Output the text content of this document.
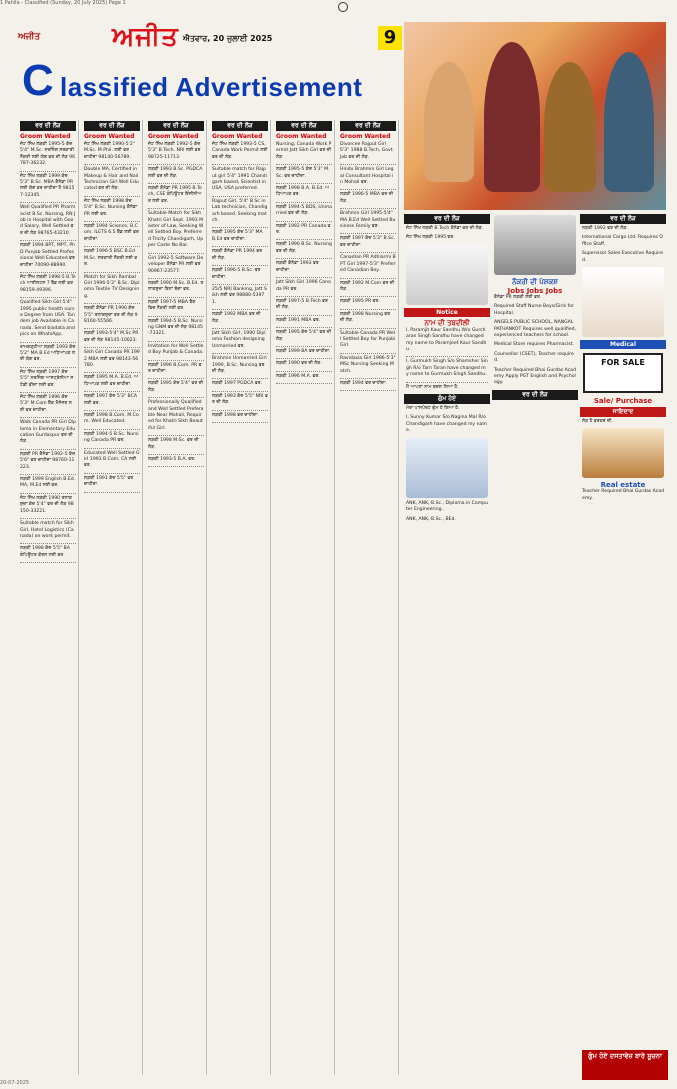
1 Pahila - Classified (Sunday, 20 July 2025) Page 1
ਅਜੀਤ	ਅਜੀਤ ਐਤਵਾਰ, 20 ਜੁਲਾਈ 2025	9
C lassified Advertisement
ਵਰ ਦੀ ਲੋੜ
Groom Wanted
ਜੱਟ ਸਿੱਖ ਲੜਕੀ 1995-5 ਕੱਦ 5'4" M.Sc. ਨਰਸਿੰਗ ਸਰਕਾਰੀ ਨੌਕਰੀ ਲਈ ਯੋਗ ਵਰ ਦੀ ਲੋੜ 96787-36232.
ਜੱਟ ਸਿੱਖ ਲੜਕੀ 1999 ਕੱਦ 5'3" B.Sc. MBA ਕੈਨੇਡਾ PR ਲਈ ਯੋਗ ਵਰ ਚਾਹੀਦਾ ਹੈ 98157-12345.
Well Qualified PR Pharmacist B.Sc. Nursing, RN Job in Hospital with Good Salary, Well Settled ਵਰ ਦੀ ਲੋੜ 98765-43210.
ਲੜਕੀ 1994 BPT, MPT, PhD Punjab Settled Professional Well Educated ਵਰ ਚਾਹੀਦਾ 70090-88990.
ਜੱਟ ਸਿੱਖ ਲੜਕੀ 1998-5 B.Tech ਆਈਲਟਸ 7 ਬੈਂਡ ਲਈ ਵਰ 98159-49396.
Qualified Sikh Girl 5'4" 1995 public health nurse Degree from USA. Tandem job Available in Canada. Send biodata and pics on WhatsApp.
ਰਾਮਗੜ੍ਹੀਆ ਲੜਕੀ 1993 ਕੱਦ 5'2" MA B.Ed ਅਧਿਆਪਕ ਲਈ ਯੋਗ ਵਰ.
ਜੱਟ ਸਿੱਖ ਲੜਕੀ 1997 ਕੱਦ 5'5" ਨਰਸਿੰਗ ਆਸਟ੍ਰੇਲੀਆ ਸਟੱਡੀ ਵੀਜ਼ਾ ਲਈ ਵਰ.
ਜੱਟ ਸਿੱਖ ਲੜਕੀ 1996 ਕੱਦ 5'3" M.Com ਬੈਂਕ ਮੈਨੇਜਰ ਲਈ ਵਰ ਚਾਹੀਦਾ.
Walk Canada PR Girl Diploma in Elementary Education Gurdaspur ਵਰ ਦੀ ਲੋੜ.
ਲੜਕੀ PR ਕੈਨੇਡਾ 1992-5 ਕੱਦ 5'6" ਵਰ ਚਾਹੀਦਾ 98760-11223.
ਲੜਕੀ 1999 English B.Ed. MA, M.Ed ਲਈ ਵਰ.
ਜੱਟ ਸਿੱਖ ਲੜਕੀ 1990 ਤਲਾਕਸ਼ੁਦਾ ਕੱਦ 5'4" ਵਰ ਦੀ ਲੋੜ 98150-33221.
Suitable match for Sikh Girl, Hotel Logistics (Canada) on work permit.
ਲੜਕੀ 1998 ਕੱਦ 5'5" BA ਕੰਪਿਊਟਰ ਕੋਰਸ ਲਈ ਵਰ.
ਵਰ ਦੀ ਲੋੜ
Groom Wanted
ਜੱਟ ਸਿੱਖ ਲੜਕੀ 1990-5'2" M.Sc. M.Phil. ਲਈ ਵਰ ਚਾਹੀਦਾ 98140-56789.
Double MA, Certified in Makeup & Hair and Nail Technician Girl Well Educated ਵਰ ਦੀ ਲੋੜ.
ਜੱਟ ਸਿੱਖ ਲੜਕੀ 1998 ਕੱਦ 5'4" B.Sc. Nursing ਕੈਨੇਡਾ PR ਲਈ ਵਰ.
ਲੜਕੀ 1994 Science, B.Com. ILETS 6.5 ਬੈਂਡ ਲਈ ਵਰ ਚਾਹੀਦਾ.
ਲੜਕੀ 1996-5 BSC B.Ed M.Sc. ਸਰਕਾਰੀ ਨੌਕਰੀ ਲਈ ਵਰ.
Match for Sikh Rambal Girl 1996-5'3" B.Sc. Diploma Textile TV Designing.
ਲੜਕੀ ਕੈਨੇਡਾ PR 1990 ਕੱਦ 5'5" ਤਲਾਕਸ਼ੁਦਾ ਵਰ ਦੀ ਲੋੜ 98160-55566.
ਲੜਕੀ 1993-5'4" M.Sc PR ਵਰ ਦੀ ਲੋੜ 98145-10023.
Sikh Girl Canada PR 1992 MBA ਲਈ ਵਰ 98143-56780.
ਲੜਕੀ 1995 M.A. B.Ed. ਅਧਿਆਪਕ ਲਈ ਵਰ ਚਾਹੀਦਾ.
ਲੜਕੀ 1997 ਕੱਦ 5'3" BCA ਲਈ ਵਰ.
ਲੜਕੀ 1998 B.Com. M.Com. Well Educated.
ਲੜਕੀ 1994-5 B.Sc. Nursing Canada PR ਵਰ.
Educated Well Settled Girl 1993 B.Com. CA ਲਈ ਵਰ.
ਲੜਕੀ 1991 ਕੱਦ 5'5" ਵਰ ਚਾਹੀਦਾ.
ਵਰ ਦੀ ਲੋੜ
Groom Wanted
ਜੱਟ ਸਿੱਖ ਲੜਕੀ 1992-5 ਕੱਦ 5'3" B.Tech. NRI ਲਈ ਵਰ 98725-11713.
ਲੜਕੀ 1993 B.Sc. PGDCA ਲਈ ਵਰ ਦੀ ਲੋੜ.
ਲੜਕੀ ਕੈਨੇਡਾ PR 1995 B.Tech, CSE ਕੰਪਿਊਟਰ ਇੰਜੀਨੀਅਰ ਲਈ ਵਰ.
Suitable Match for Sikh Khatri Girl Sept. 1993 Master of Law, Seeking Well Settled Boy. Preferred Tricity Chandigarh, Upper Caste No Bar.
Girl 1992-5 Software Developer ਕੈਨੇਡਾ PR ਲਈ ਵਰ 90967-23577.
ਲੜਕੀ 1990 M.Sc. B.Ed. ਤਲਾਕਸ਼ੁਦਾ ਬਿਨਾਂ ਬੱਚਾ ਵਰ.
ਲੜਕੀ 1997-5 MBA ਬੈਂਕ ਵਿਚ ਨੌਕਰੀ ਲਈ ਵਰ.
ਲੜਕੀ 1994-5 B.Sc. Nursing GNM ਵਰ ਦੀ ਲੋੜ 98145-73321.
Invitation for Well Settled Boy Punjab & Canada.
ਲੜਕੀ 1996 B.Com. PR ਵਰ ਚਾਹੀਦਾ.
ਲੜਕੀ 1995 ਕੱਦ 5'4" ਵਰ ਦੀ ਲੋੜ.
Professionally Qualified and Well Settled Preferable Near Mohali, Required for Khatri Sikh Beautiful Girl.
ਲੜਕੀ 1998 M.Sc. ਵਰ ਦੀ ਲੋੜ.
ਲੜਕੀ 1993-5 B.A. ਵਰ.
ਵਰ ਦੀ ਲੋੜ
Groom Wanted
ਜੱਟ ਸਿੱਖ ਲੜਕੀ 1993-5 CS, Canada Work Permit ਲਈ ਵਰ ਦੀ ਲੋੜ.
Suitable match for Rajput girl 5'4" 1991 Chandigarh based, Scientist in USA. USA preferred.
Rajput Girl, 5'4" B.Sc in Lab technician, Chandigarh based. Seeking match.
ਲੜਕੀ 1995 ਕੱਦ 5'3" MA B.Ed ਵਰ ਚਾਹੀਦਾ.
ਲੜਕੀ ਕੈਨੇਡਾ PR 1994 ਵਰ ਦੀ ਲੋੜ.
ਲੜਕੀ 1996-5 B.Sc. ਵਰ ਚਾਹੀਦਾ.
25/5 NRI Banking, Jatt Sikh ਲਈ ਵਰ 98880-53971.
ਲੜਕੀ 1992 MBA ਵਰ ਦੀ ਲੋੜ.
Jatt Sikh Girl, 1990 Diploma Fashion designing Unmarried ਵਰ.
Brahmin Unmarried Girl 1990, B.Sc. Nursing ਵਰ ਦੀ ਲੋੜ.
ਲੜਕੀ 1997 PGDCA ਵਰ.
ਲੜਕੀ 1993 ਕੱਦ 5'5" NRI ਵਰ ਦੀ ਲੋੜ.
ਲੜਕੀ 1998 ਵਰ ਚਾਹੀਦਾ.
ਵਰ ਦੀ ਲੋੜ
Groom Wanted
Nursing, Canada Work Permit Jatt Sikh Girl ਵਰ ਦੀ ਲੋੜ.
ਲੜਕੀ 1995-5 ਕੱਦ 5'3" M.Sc. ਵਰ ਚਾਹੀਦਾ.
ਲੜਕੀ 1998 B.A. B.Ed. ਅਧਿਆਪਕ ਵਰ.
ਲੜਕੀ 1994-5 BDS, Unmarried ਵਰ ਦੀ ਲੋੜ.
ਲੜਕੀ 1992 PR Canada ਵਰ.
ਲੜਕੀ 1996 B.Sc. Nursing ਵਰ ਦੀ ਲੋੜ.
ਲੜਕੀ ਕੈਨੇਡਾ 1993 ਵਰ ਚਾਹੀਦਾ.
Jatt Sikh Girl 1996 Canada PR ਵਰ.
ਲੜਕੀ 1997-5 B.Tech ਵਰ ਦੀ ਲੋੜ.
ਲੜਕੀ 1991 MBA ਵਰ.
ਲੜਕੀ 1995 ਕੱਦ 5'4" ਵਰ ਦੀ ਲੋੜ.
ਲੜਕੀ 1999 BA ਵਰ ਚਾਹੀਦਾ.
ਲੜਕੀ 1990 ਵਰ ਦੀ ਲੋੜ.
ਲੜਕੀ 1996 M.A. ਵਰ.
ਵਰ ਦੀ ਲੋੜ
Groom Wanted
Divorcee Rajput Girl 5'3" 1988 B.Tech, Govt. Job ਵਰ ਦੀ ਲੋੜ.
Hindu Brahmin Girl Legal Consultant Hospital in Mohali ਵਰ.
ਲੜਕੀ 1996-5 MBA ਵਰ ਦੀ ਲੋੜ.
Brahmin Girl 1995-5'4" MA B.Ed Well Settled Business Family ਵਰ.
ਲੜਕੀ 1997 ਕੱਦ 5'3" B.Sc. ਵਰ ਚਾਹੀਦਾ.
Canadian PR Adhiarmi BPT Girl 1997-5'3" Preferred Canadian Boy.
ਲੜਕੀ 1992 M.Com ਵਰ ਦੀ ਲੋੜ.
ਲੜਕੀ 1995 PR ਵਰ.
ਲੜਕੀ 1998 Nursing ਵਰ ਦੀ ਲੋੜ.
Suitable Canada PR Well Settled Boy for Punjabi Girl.
Ravidasia Girl 1996-5'3" MSc Nursing Seeking Match.
ਲੜਕੀ 1994 ਵਰ ਚਾਹੀਦਾ.
ਵਰ ਦੀ ਲੋੜ
ਜੱਟ ਸਿੱਖ ਲੜਕੀ B.Tech ਕੈਨੇਡਾ ਵਰ ਦੀ ਲੋੜ.
ਜੱਟ ਸਿੱਖ ਲੜਕੀ 1995 ਵਰ.
Notice
ਨਾਮ ਦੀ ਤਬਦੀਲੀ
I, Paramjit Kaur Sandhu W/o Gurcharan Singh Sandhu have changed my name to Paramjeet Kaur Sandhu.
I, Gurmukh Singh S/o Shamsher Singh R/o Tarn Taran have changed my name to Gurmukh Singh Sandhu.
ਮੈਂ ਆਪਣਾ ਨਾਮ ਬਦਲ ਲਿਆ ਹੈ.
ਗੁੰਮ ਹੋਏ
ਮੇਰਾ ਪਾਸਪੋਰਟ ਗੁੰਮ ਹੋ ਗਿਆ ਹੈ.
I, Sunny Kumar S/o Nagina Mal R/o Chandigarh have changed my name.
ANK, ANK, B.Sc., Diploma in Computer Engineering.
ANK, ANK, B.Sc., BEd.
ਨੌਕਰੀ ਦੀ ਪੇਸ਼ਕਸ਼
Jobs Jobs Jobs
ਕੈਨੇਡਾ PR ਲੜਕੀ ਲਈ ਵਰ.
Required Staff Nurse Boys/Girls for Hospital.
ANGELS PUBLIC SCHOOL, NANGAL PATHANKOT Requires well qualified, experienced teachers for school.
Medical Store requires Pharmacist.
Counsellor (CSET), Teacher required.
Teacher Required Bhai Gurdas Academy Apply PGT English and Psychology.
ਵਰ ਦੀ ਲੋੜ
ਵਰ ਦੀ ਲੋੜ
ਲੜਕੀ 1992 ਵਰ ਦੀ ਲੋੜ.
International Cargo Ltd. Requires Office Staff.
Supervisor Sales Executive Required.
Medical
FOR SALE
Sale/ Purchase
ਜਾਇਦਾਦ
ਲੋੜ ਹੈ ਵਰਕਰ ਦੀ.
Real estate
Teacher Required Bhai Gurdas Academy.
ਗੁੰਮ ਹੋਏ ਦਸਤਾਵੇਜ਼ ਬਾਰੇ ਸੂਚਨਾ
20-07-2025
